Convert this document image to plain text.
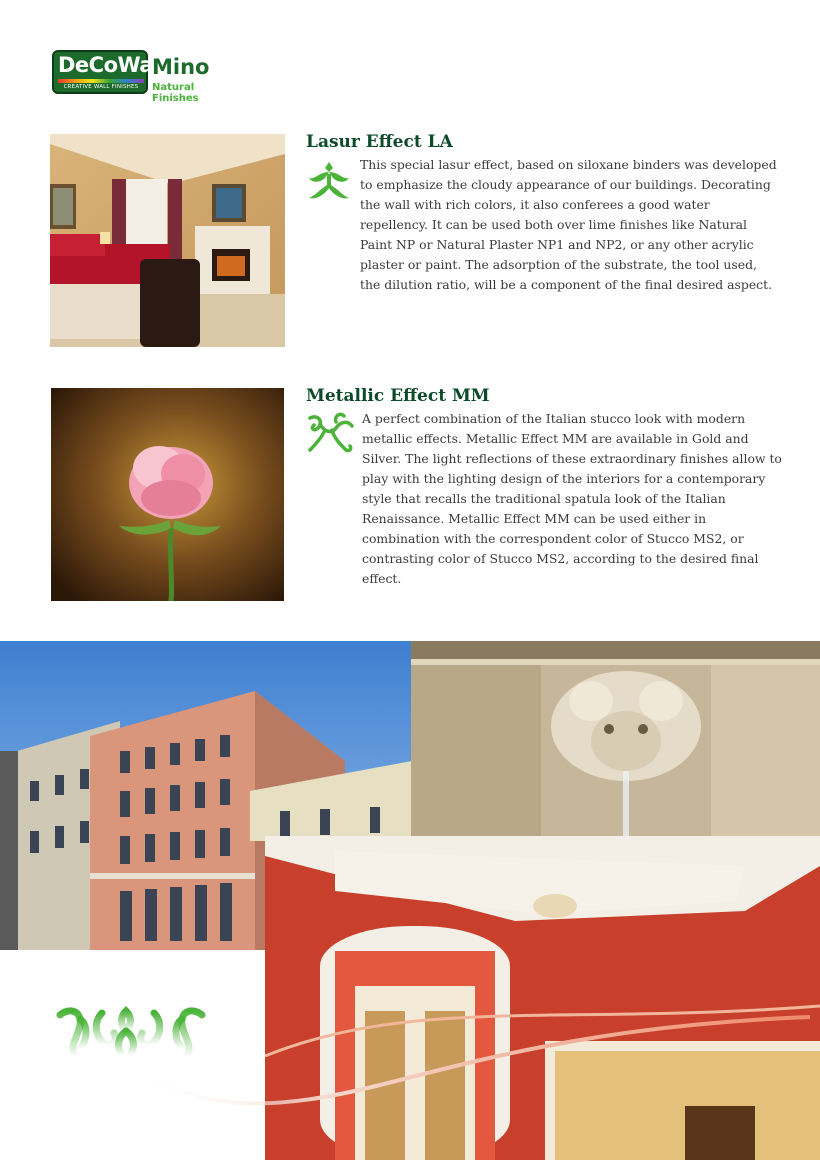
DeCoWa
CREATIVE WALL FINISHES
Mino
Natural Finishes
Lasur Effect LA

This special lasur effect, based on siloxane binders was developed to emphasize the cloudy appearance of our buildings. Decorating the wall with rich colors, it also conferees a good water repellency. It can be used both over lime finishes like Natural Paint NP or Natural Plaster NP1 and NP2, or any other acrylic plaster or paint. The adsorption of the substrate, the tool used, the dilution ratio, will be a component of the final desired aspect.

Metallic Effect MM

A perfect combination of the Italian stucco look with modern metallic effects. Metallic Effect MM are available in Gold and Silver. The light reflections of these extraordinary finishes allow to play with the lighting design of the interiors for a contemporary style that recalls the traditional spatula look of the Italian Renaissance. Metallic Effect MM can be used either in combination with the correspondent color of Stucco MS2, or contrasting color of Stucco MS2, according to the desired final effect.
